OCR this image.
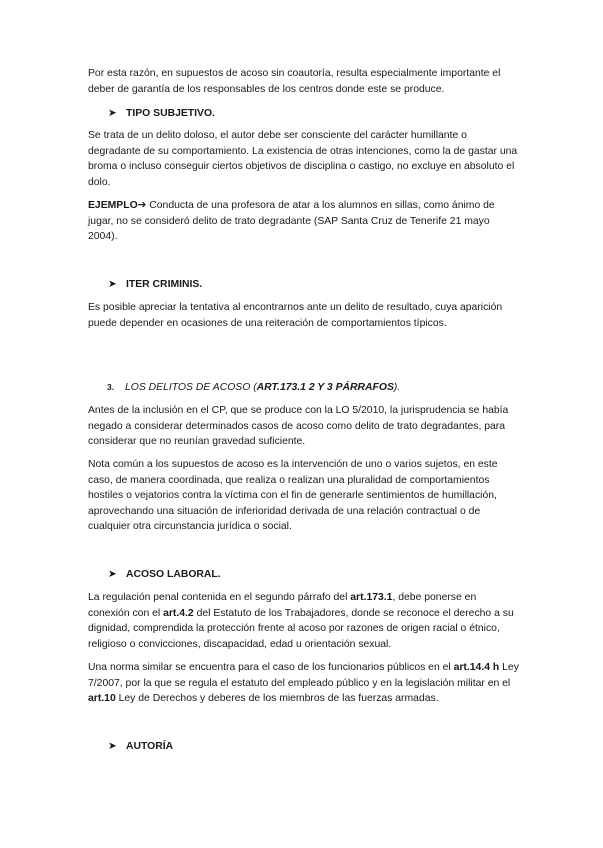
Por esta razón, en supuestos de acoso sin coautoría, resulta especialmente importante el deber de garantía de los responsables de los centros donde este se produce.

➤ TIPO SUBJETIVO.

Se trata de un delito doloso, el autor debe ser consciente del carácter humillante o degradante de su comportamiento. La existencia de otras intenciones, como la de gastar una broma o incluso conseguir ciertos objetivos de disciplina o castigo, no excluye en absoluto el dolo.

EJEMPLO➔ Conducta de una profesora de atar a los alumnos en sillas, como ánimo de jugar, no se consideró delito de trato degradante (SAP Santa Cruz de Tenerife 21 mayo 2004).

➤ ITER CRIMINIS.

Es posible apreciar la tentativa al encontrarnos ante un delito de resultado, cuya aparición puede depender en ocasiones de una reiteración de comportamientos típicos.

3. LOS DELITOS DE ACOSO (ART.173.1 2 Y 3 PÁRRAFOS).

Antes de la inclusión en el CP, que se produce con la LO 5/2010, la jurisprudencia se había negado a considerar determinados casos de acoso como delito de trato degradantes, para considerar que no reunían gravedad suficiente.

Nota común a los supuestos de acoso es la intervención de uno o varios sujetos, en este caso, de manera coordinada, que realiza o realizan una pluralidad de comportamientos hostiles o vejatorios contra la víctima con el fin de generarle sentimientos de humillación, aprovechando una situación de inferioridad derivada de una relación contractual o de cualquier otra circunstancia jurídica o social.

➤ ACOSO LABORAL.

La regulación penal contenida en el segundo párrafo del art.173.1, debe ponerse en conexión con el art.4.2 del Estatuto de los Trabajadores, donde se reconoce el derecho a su dignidad, comprendida la protección frente al acoso por razones de origen racial o étnico, religioso o convicciones, discapacidad, edad u orientación sexual.

Una norma similar se encuentra para el caso de los funcionarios públicos en el art.14.4 h Ley 7/2007, por la que se regula el estatuto del empleado público y en la legislación militar en el art.10 Ley de Derechos y deberes de los miembros de las fuerzas armadas.

➤ AUTORÍA
